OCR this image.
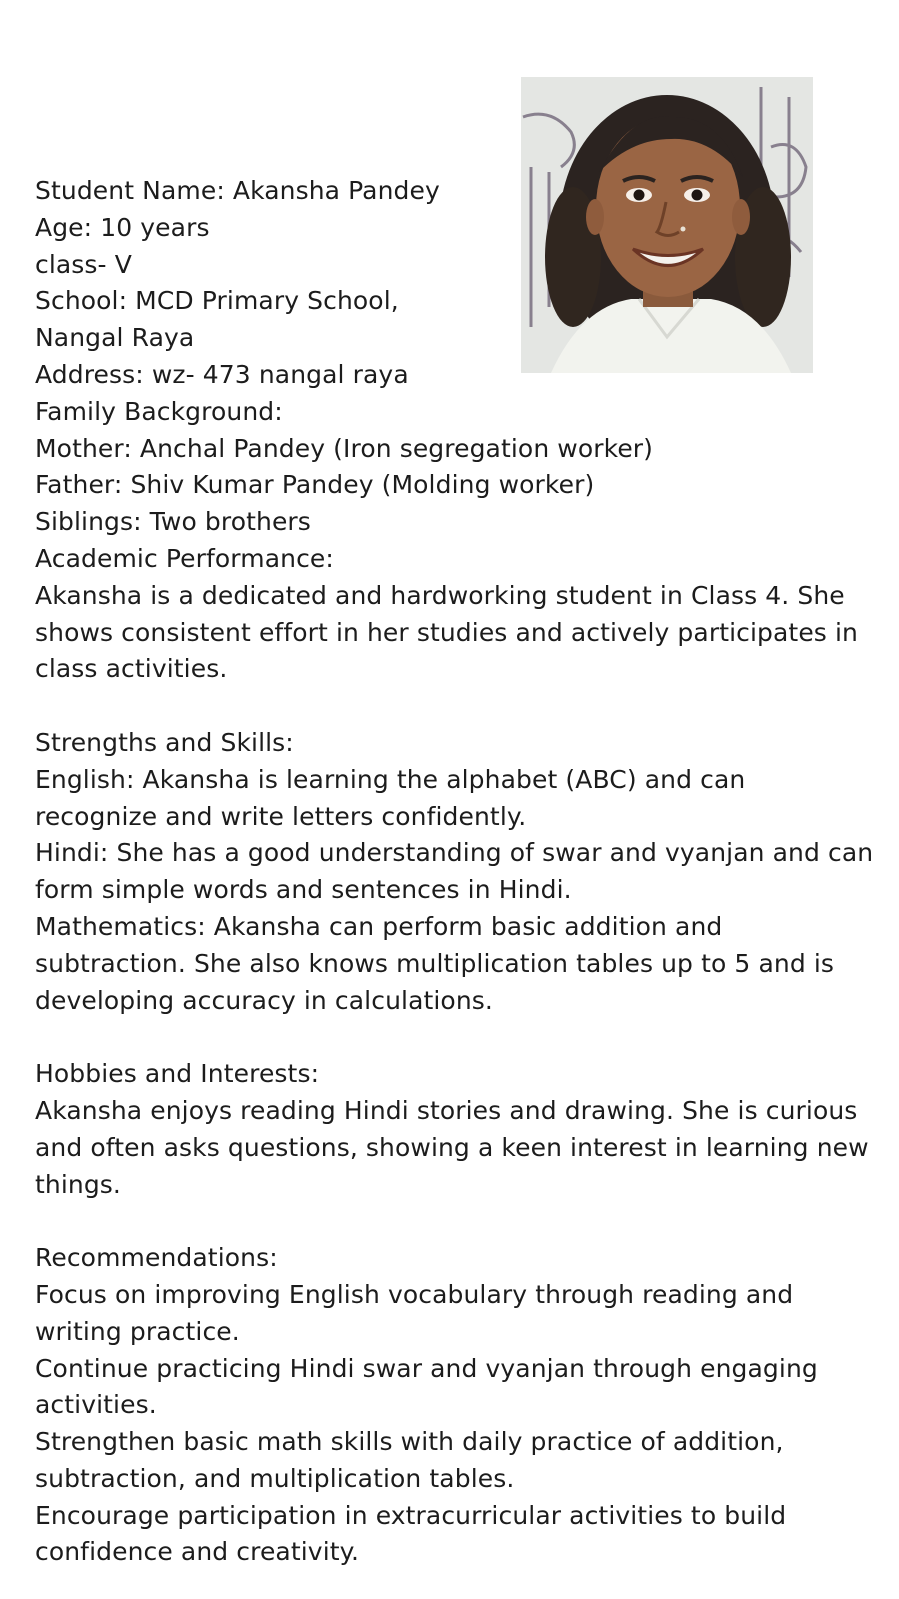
Student Name: Akansha Pandey
Age: 10 years
class- V
School: MCD Primary School,
Nangal Raya
Address: wz- 473 nangal raya
Family Background:
Mother: Anchal Pandey (Iron segregation worker)
Father: Shiv Kumar Pandey (Molding worker)
Siblings: Two brothers
Academic Performance:
Akansha is a dedicated and hardworking student in Class 4. She shows consistent effort in her studies and actively participates in class activities.
Strengths and Skills:
English: Akansha is learning the alphabet (ABC) and can recognize and write letters confidently.
Hindi: She has a good understanding of swar and vyanjan and can form simple words and sentences in Hindi.
Mathematics: Akansha can perform basic addition and subtraction. She also knows multiplication tables up to 5 and is developing accuracy in calculations.
Hobbies and Interests:
Akansha enjoys reading Hindi stories and drawing. She is curious and often asks questions, showing a keen interest in learning new things.
Recommendations:
Focus on improving English vocabulary through reading and writing practice.
Continue practicing Hindi swar and vyanjan through engaging activities.
Strengthen basic math skills with daily practice of addition, subtraction, and multiplication tables.
Encourage participation in extracurricular activities to build confidence and creativity.
